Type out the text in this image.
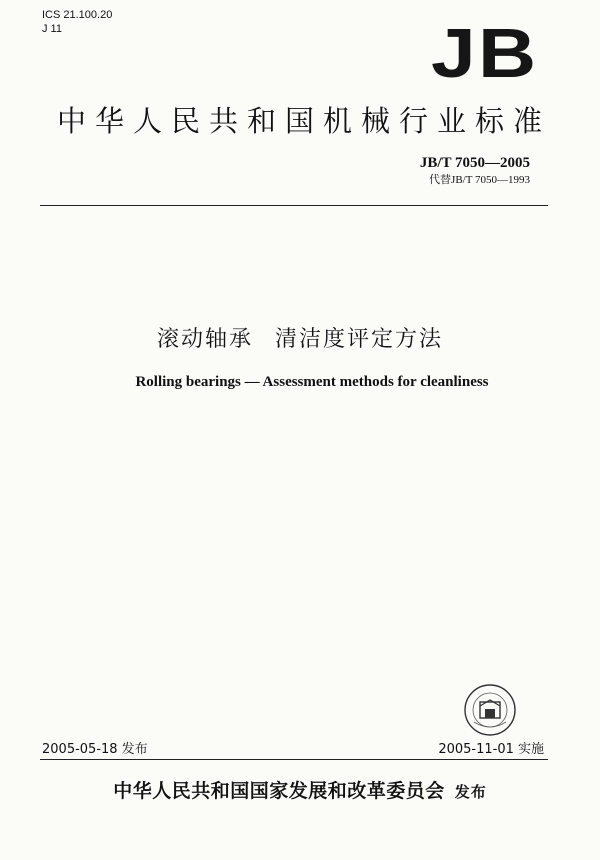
ICS 21.100.20
J 11	JB
中华人民共和国机械行业标准
JB/T 7050—2005
代替JB/T 7050—1993
滚动轴承 清洁度评定方法
Rolling bearings — Assessment methods for cleanliness
2005-05-18 发布	2005-11-01 实施
中华人民共和国国家发展和改革委员会 发布
